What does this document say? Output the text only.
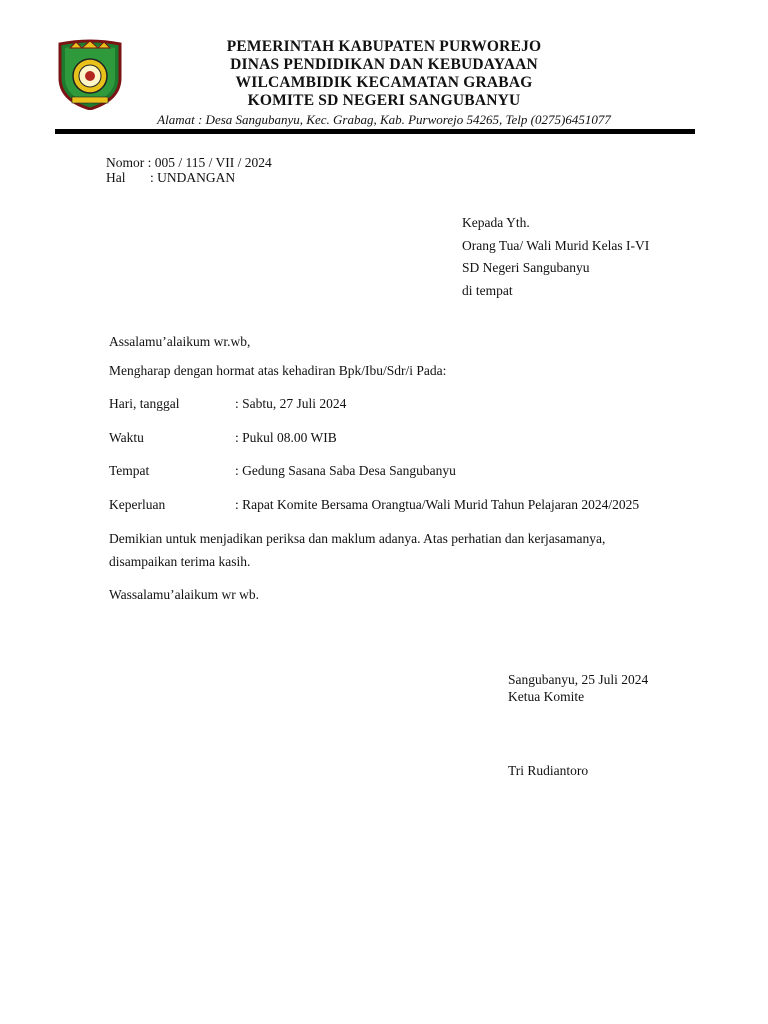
PEMERINTAH KABUPATEN PURWOREJO
DINAS PENDIDIKAN DAN KEBUDAYAAN
WILCAMBIDIK KECAMATAN GRABAG
KOMITE SD NEGERI SANGUBANYU
Alamat : Desa Sangubanyu, Kec. Grabag, Kab. Purworejo 54265, Telp (0275)6451077
Nomor : 005 / 115 / VII / 2024
Hal : UNDANGAN
Kepada Yth.
Orang Tua/ Wali Murid Kelas I-VI
SD Negeri Sangubanyu
di tempat
Assalamu’alaikum wr.wb,
Mengharap dengan hormat atas kehadiran Bpk/Ibu/Sdr/i Pada:
Hari, tanggal	: Sabtu, 27 Juli 2024
Waktu	: Pukul 08.00 WIB
Tempat	: Gedung Sasana Saba Desa Sangubanyu
Keperluan	: Rapat Komite Bersama Orangtua/Wali Murid Tahun Pelajaran 2024/2025
Demikian untuk menjadikan periksa dan maklum adanya. Atas perhatian dan kerjasamanya,
disampaikan terima kasih.
Wassalamu’alaikum wr wb.
Sangubanyu, 25 Juli 2024
Ketua Komite
Tri Rudiantoro
